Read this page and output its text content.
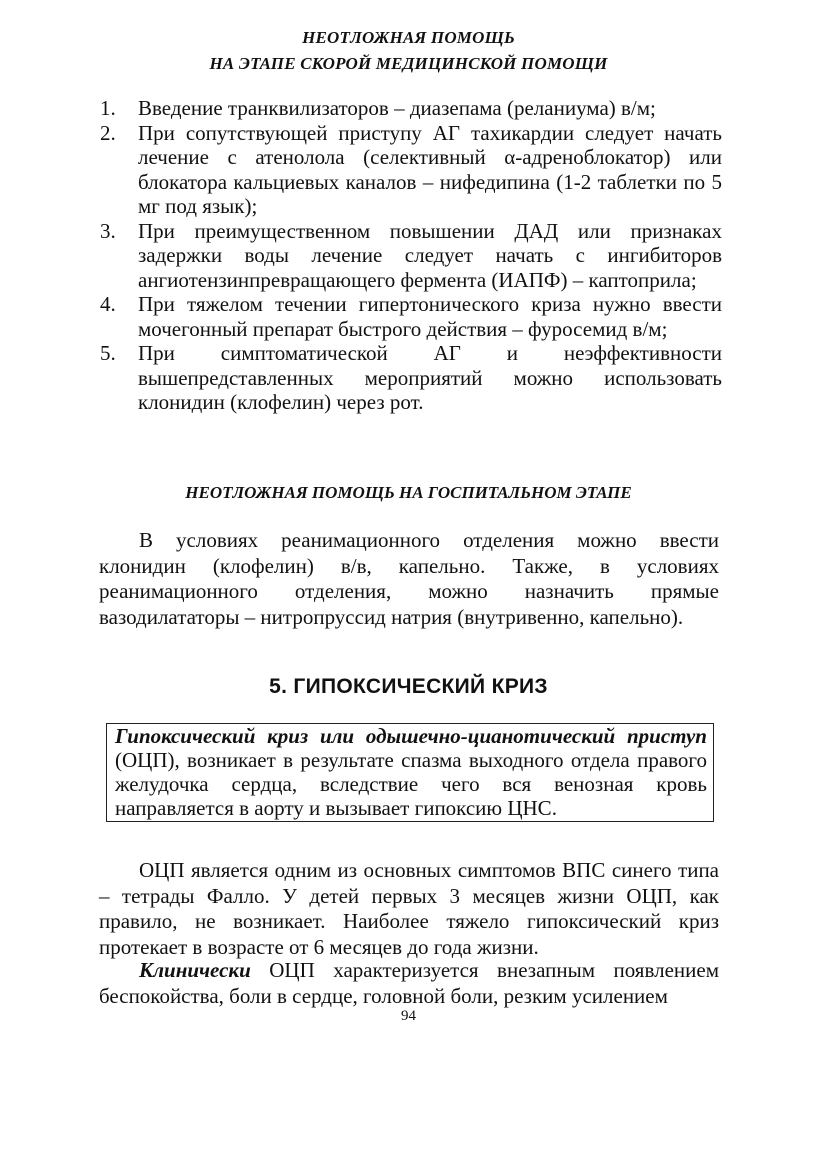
НЕОТЛОЖНАЯ ПОМОЩЬ
НА ЭТАПЕ СКОРОЙ МЕДИЦИНСКОЙ ПОМОЩИ
1. Введение транквилизаторов – диазепама (реланиума) в/м;
2. При сопутствующей приступу АГ тахикардии следует начать лечение с атенолола (селективный α-адреноблокатор) или блокатора кальциевых каналов – нифедипина (1-2 таблетки по 5 мг под язык);
3. При преимущественном повышении ДАД или признаках задержки воды лечение следует начать с ингибиторов ангиотензинпревращающего фермента (ИАПФ) – каптоприла;
4. При тяжелом течении гипертонического криза нужно ввести мочегонный препарат быстрого действия – фуросемид в/м;
5. При симптоматической АГ и неэффективности вышепредставленных мероприятий можно использовать клонидин (клофелин) через рот.
НЕОТЛОЖНАЯ ПОМОЩЬ НА ГОСПИТАЛЬНОМ ЭТАПЕ

В условиях реанимационного отделения можно ввести клонидин (клофелин) в/в, капельно. Также, в условиях реанимационного отделения, можно назначить прямые вазодилататоры – нитропруссид натрия (внутривенно, капельно).

5. ГИПОКСИЧЕСКИЙ КРИЗ
Гипоксический криз или одышечно-цианотический приступ (ОЦП), возникает в результате спазма выходного отдела правого желудочка сердца, вследствие чего вся венозная кровь направляется в аорту и вызывает гипоксию ЦНС.

ОЦП является одним из основных симптомов ВПС синего типа – тетрады Фалло. У детей первых 3 месяцев жизни ОЦП, как правило, не возникает. Наиболее тяжело гипоксический криз протекает в возрасте от 6 месяцев до года жизни.

Клинически ОЦП характеризуется внезапным появлением беспокойства, боли в сердце, головной боли, резким усилением

94
